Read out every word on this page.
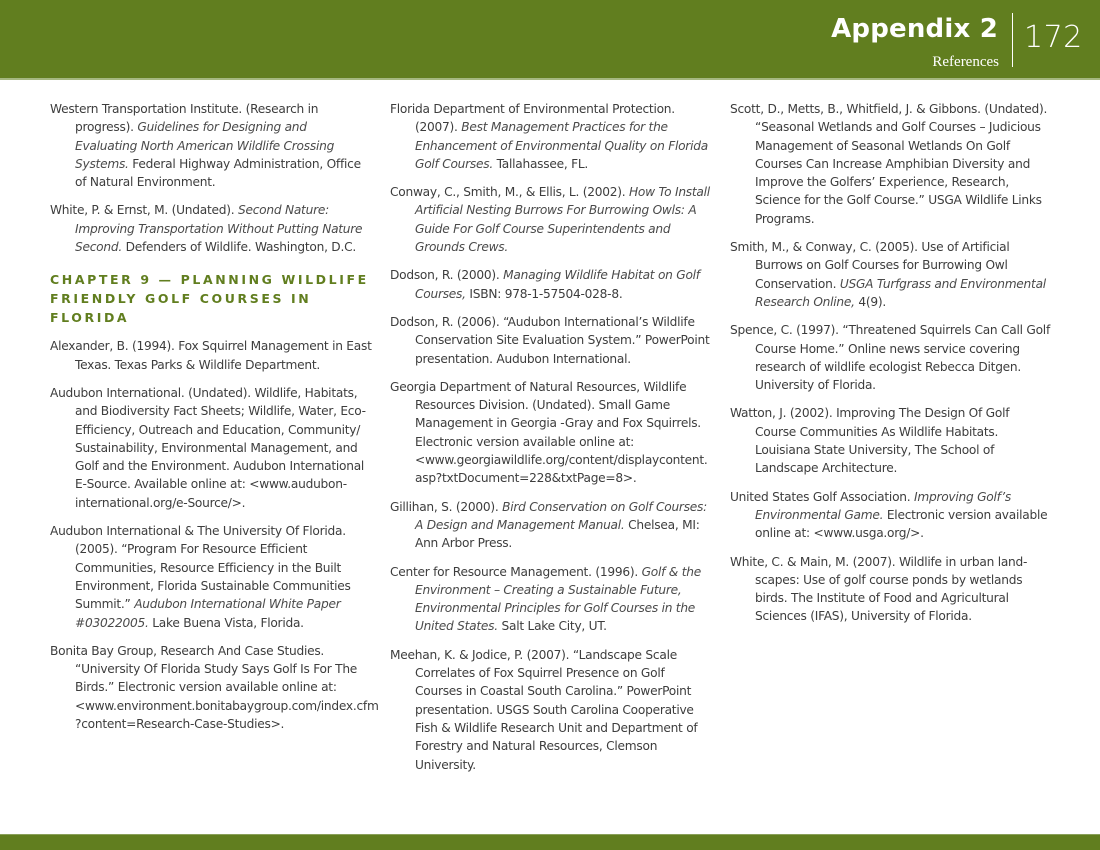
Appendix 2
References
172

Western Transportation Institute. (Research in progress). Guidelines for Designing and Evaluating North American Wildlife Crossing Systems. Federal Highway Administration, Office of Natural Environment.

White, P. & Ernst, M. (Undated). Second Nature: Improving Transportation Without Putting Nature Second. Defenders of Wildlife. Washington, D.C.

CHAPTER 9 — PLANNING WILDLIFE FRIENDLY GOLF COURSES IN FLORIDA

Alexander, B. (1994). Fox Squirrel Management in East Texas. Texas Parks & Wildlife Department.

Audubon International. (Undated). Wildlife, Habitats, and Biodiversity Fact Sheets; Wildlife, Water, Eco-Efficiency, Outreach and Education, Community/ Sustainability, Environmental Management, and Golf and the Environment. Audubon International E-Source. Available online at: <www.auduboninternational.org/e-Source/>.

Audubon International & The University Of Florida. (2005). “Program For Resource Efficient Communities, Resource Efficiency in the Built Environment, Florida Sustainable Communities Summit.” Audubon International White Paper #03022005. Lake Buena Vista, Florida.

Bonita Bay Group, Research And Case Studies. “University Of Florida Study Says Golf Is For The Birds.” Electronic version available online at: <www.environment.bonitabaygroup.com/index.cfm ?content=Research-Case-Studies>.

Florida Department of Environmental Protection. (2007). Best Management Practices for the Enhancement of Environmental Quality on Florida Golf Courses. Tallahassee, FL.

Conway, C., Smith, M., & Ellis, L. (2002). How To Install Artificial Nesting Burrows For Burrowing Owls: A Guide For Golf Course Superintendents and Grounds Crews.

Dodson, R. (2000). Managing Wildlife Habitat on Golf Courses, ISBN: 978-1-57504-028-8.

Dodson, R. (2006). “Audubon International’s Wildlife Conservation Site Evaluation System.” PowerPoint presentation. Audubon International.

Georgia Department of Natural Resources, Wildlife Resources Division. (Undated). Small Game Management in Georgia -Gray and Fox Squirrels. Electronic version available online at: <www.georgiawildlife.org/content/displaycontent. asp?txtDocument=228&txtPage=8>.

Gillihan, S. (2000). Bird Conservation on Golf Courses: A Design and Management Manual. Chelsea, MI: Ann Arbor Press.

Center for Resource Management. (1996). Golf & the Environment – Creating a Sustainable Future, Environmental Principles for Golf Courses in the United States. Salt Lake City, UT.

Meehan, K. & Jodice, P. (2007). “Landscape Scale Correlates of Fox Squirrel Presence on Golf Courses in Coastal South Carolina.” PowerPoint presentation. USGS South Carolina Cooperative Fish & Wildlife Research Unit and Department of Forestry and Natural Resources, Clemson University.

Scott, D., Metts, B., Whitfield, J. & Gibbons. (Undated). “Seasonal Wetlands and Golf Courses – Judicious Management of Seasonal Wetlands On Golf Courses Can Increase Amphibian Diversity and Improve the Golfers’ Experience, Research, Science for the Golf Course.” USGA Wildlife Links Programs.

Smith, M., & Conway, C. (2005). Use of Artificial Burrows on Golf Courses for Burrowing Owl Conservation. USGA Turfgrass and Environmental Research Online, 4(9).

Spence, C. (1997). “Threatened Squirrels Can Call Golf Course Home.” Online news service covering research of wildlife ecologist Rebecca Ditgen. University of Florida.

Watton, J. (2002). Improving The Design Of Golf Course Communities As Wildlife Habitats. Louisiana State University, The School of Landscape Architecture.

United States Golf Association. Improving Golf’s Environmental Game. Electronic version available online at: <www.usga.org/>.

White, C. & Main, M. (2007). Wildlife in urban landscapes: Use of golf course ponds by wetlands birds. The Institute of Food and Agricultural Sciences (IFAS), University of Florida.
